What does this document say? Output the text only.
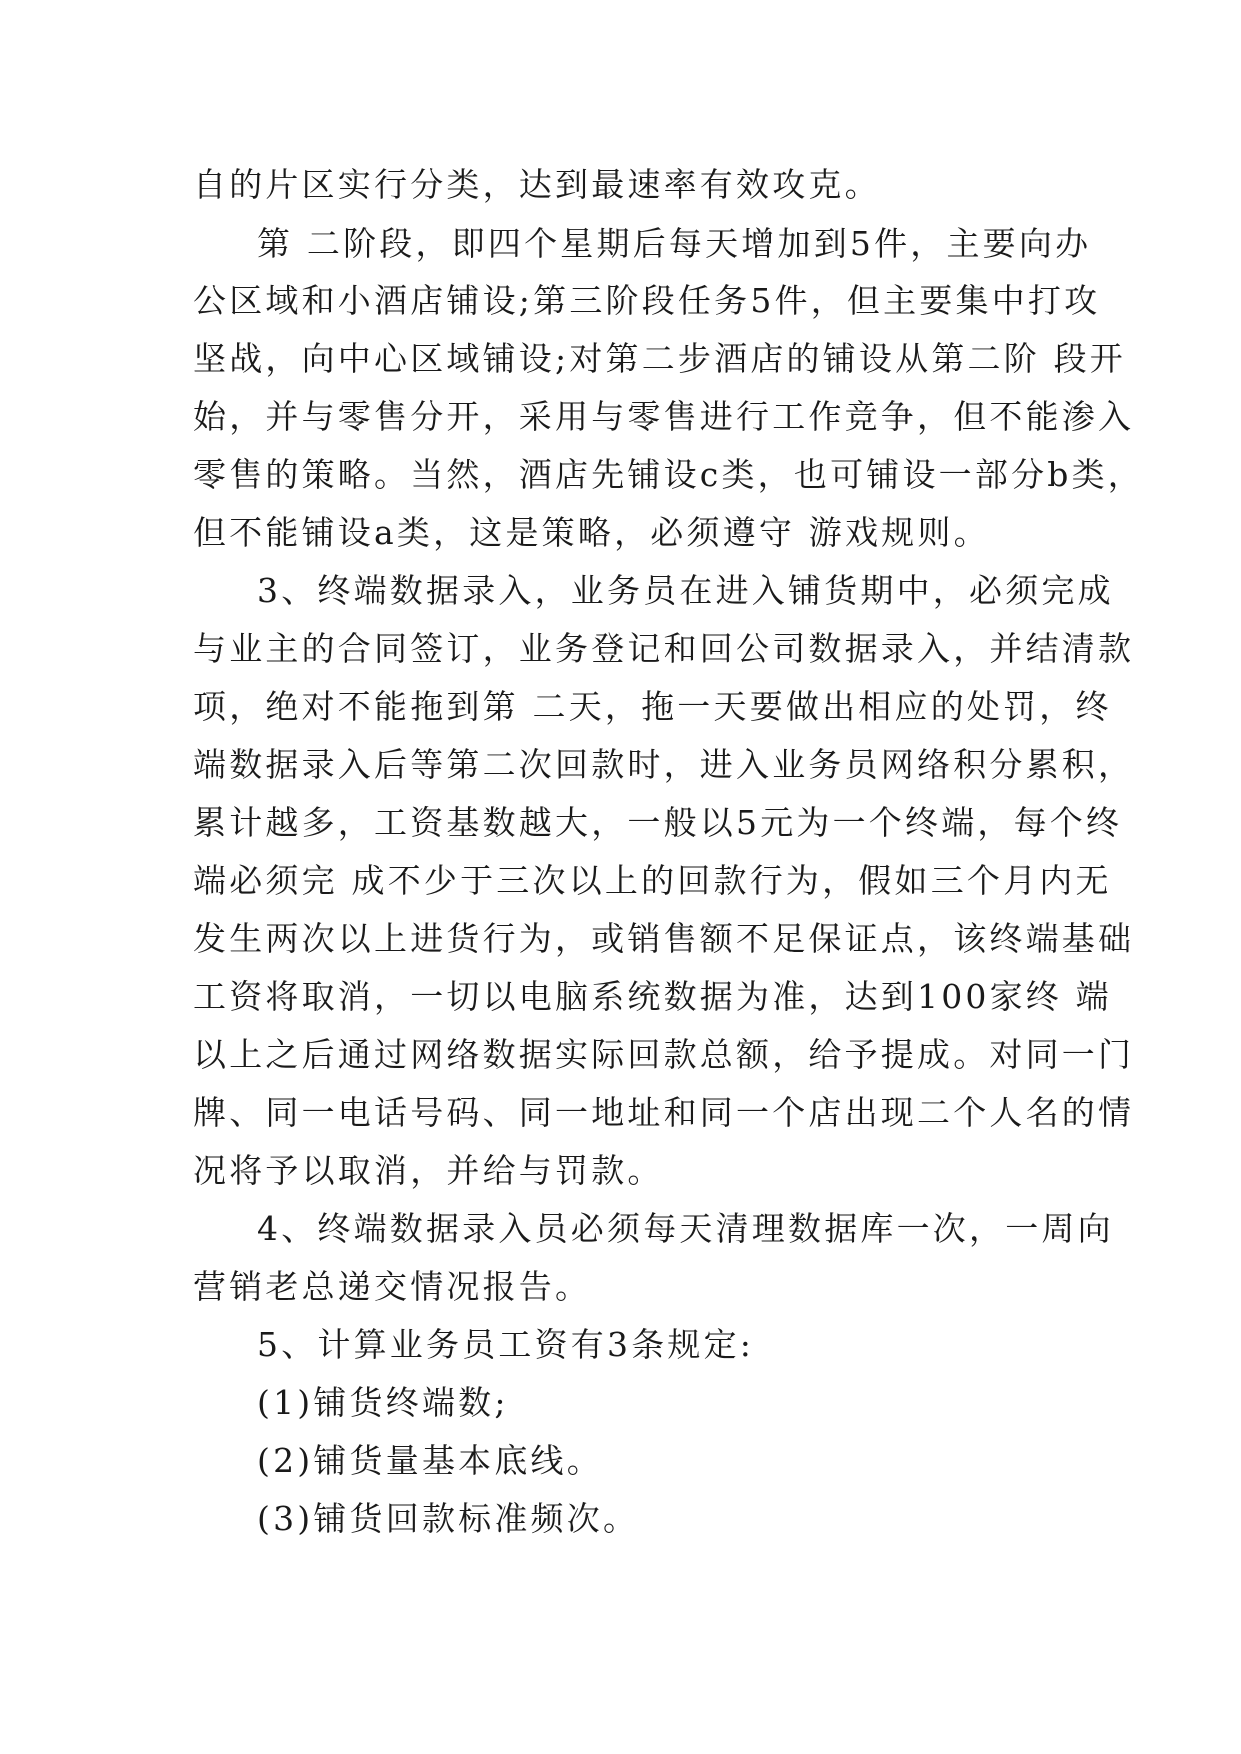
自的片区实行分类，达到最速率有效攻克。
第 二阶段，即四个星期后每天增加到5件，主要向办
公区域和小酒店铺设;第三阶段任务5件，但主要集中打攻
坚战，向中心区域铺设;对第二步酒店的铺设从第二阶 段开
始，并与零售分开，采用与零售进行工作竞争，但不能渗入
零售的策略。当然，酒店先铺设c类，也可铺设一部分b类，
但不能铺设a类，这是策略，必须遵守 游戏规则。
3、终端数据录入，业务员在进入铺货期中，必须完成
与业主的合同签订，业务登记和回公司数据录入，并结清款
项，绝对不能拖到第 二天，拖一天要做出相应的处罚，终
端数据录入后等第二次回款时，进入业务员网络积分累积，
累计越多，工资基数越大，一般以5元为一个终端，每个终
端必须完 成不少于三次以上的回款行为，假如三个月内无
发生两次以上进货行为，或销售额不足保证点，该终端基础
工资将取消，一切以电脑系统数据为准，达到100家终 端
以上之后通过网络数据实际回款总额，给予提成。对同一门
牌、同一电话号码、同一地址和同一个店出现二个人名的情
况将予以取消，并给与罚款。
4、终端数据录入员必须每天清理数据库一次，一周向
营销老总递交情况报告。
5、计算业务员工资有3条规定:
(1)铺货终端数;
(2)铺货量基本底线。
(3)铺货回款标准频次。
